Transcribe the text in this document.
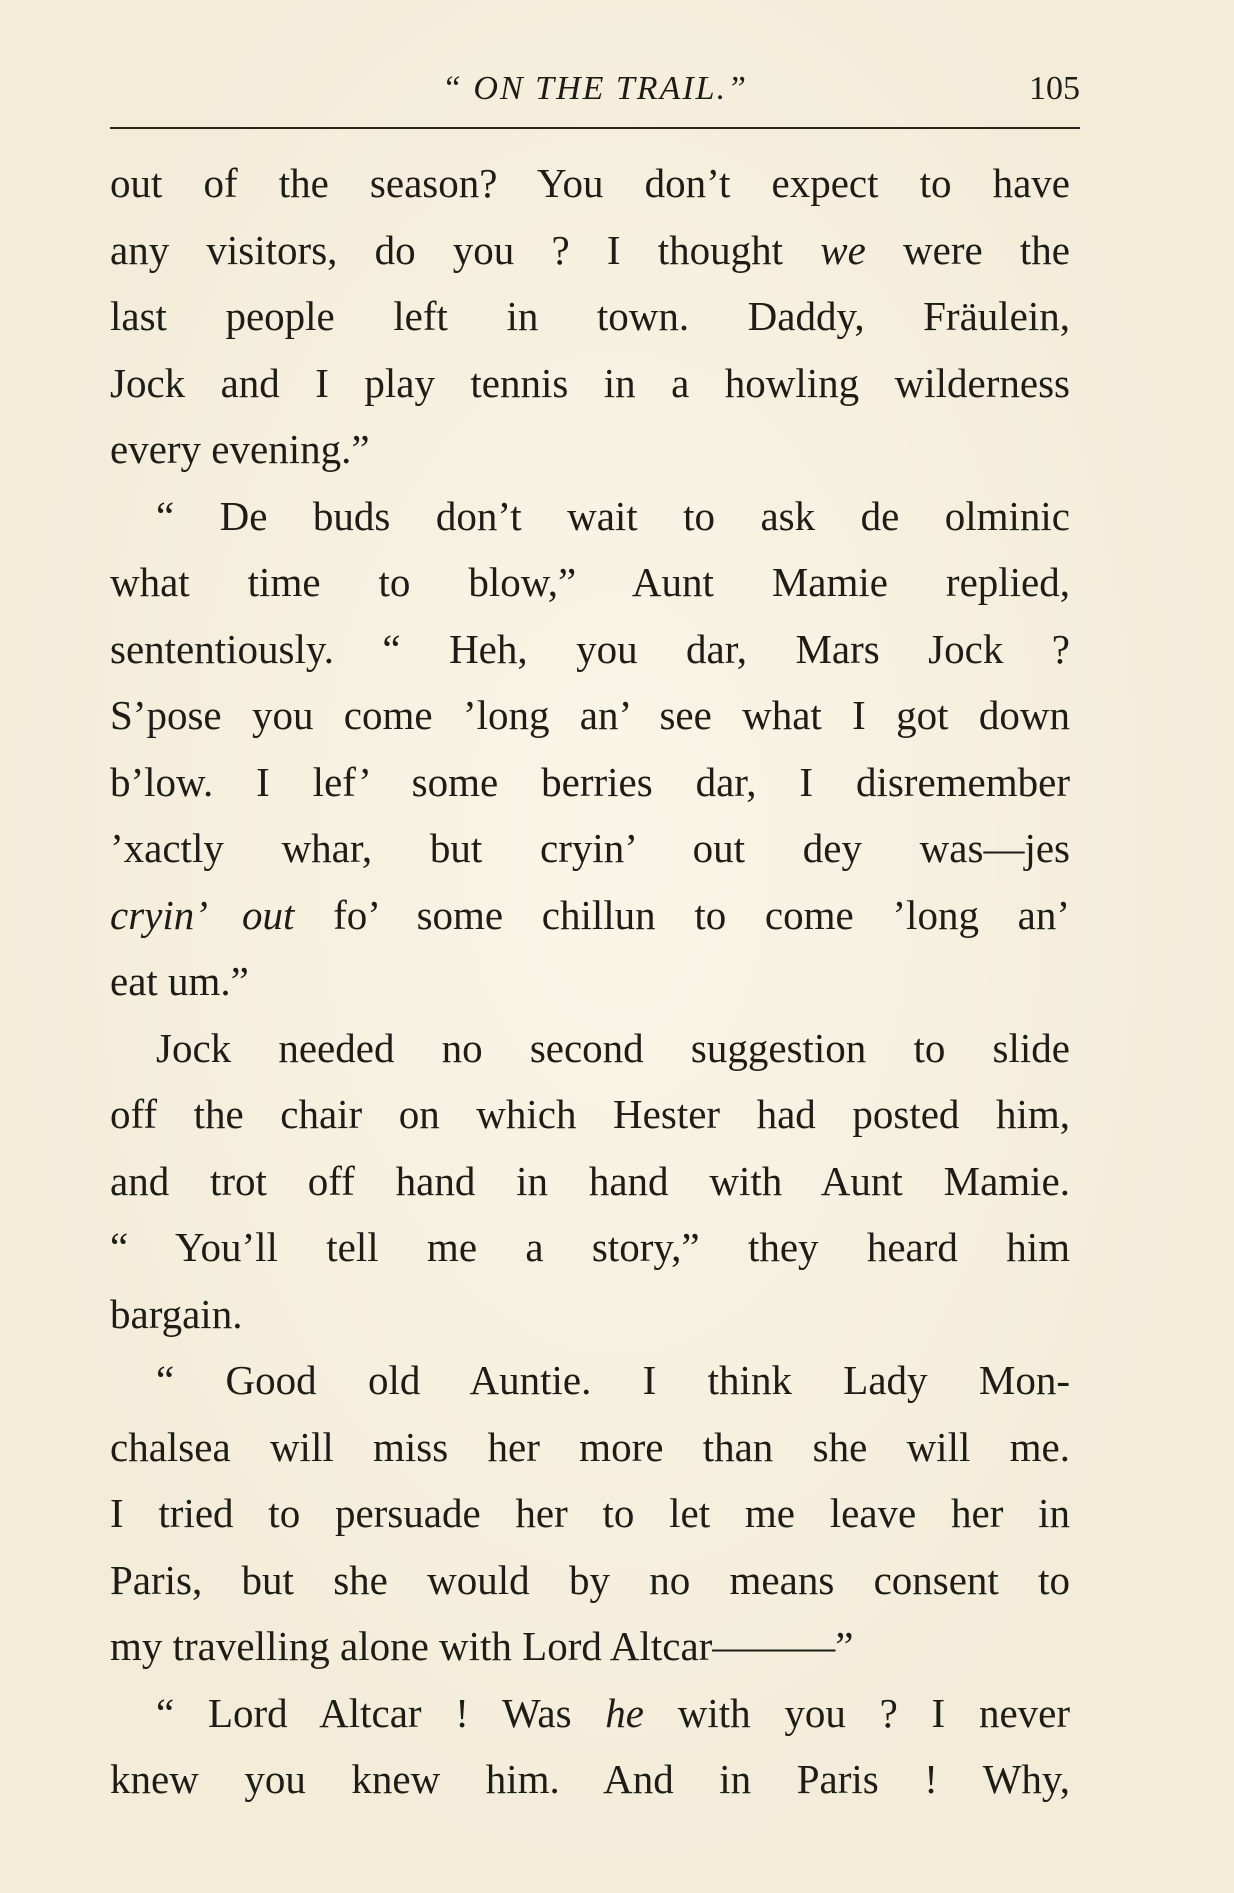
“ ON THE TRAIL.”	105
out of the season? You don’t expect to have
any visitors, do you ? I thought we were the
last people left in town. Daddy, Fräulein,
Jock and I play tennis in a howling wilderness
every evening.”
“ De buds don’t wait to ask de olminic
what time to blow,” Aunt Mamie replied,
sententiously. “ Heh, you dar, Mars Jock ?
S’pose you come ’long an’ see what I got down
b’low. I lef’ some berries dar, I disremember
’xactly whar, but cryin’ out dey was—jes
cryin’ out fo’ some chillun to come ’long an’
eat um.”
Jock needed no second suggestion to slide
off the chair on which Hester had posted him,
and trot off hand in hand with Aunt Mamie.
“ You’ll tell me a story,” they heard him
bargain.
“ Good old Auntie. I think Lady Mon-
chalsea will miss her more than she will me.
I tried to persuade her to let me leave her in
Paris, but she would by no means consent to
my travelling alone with Lord Altcar———”
“ Lord Altcar ! Was he with you ? I never
knew you knew him. And in Paris ! Why,
